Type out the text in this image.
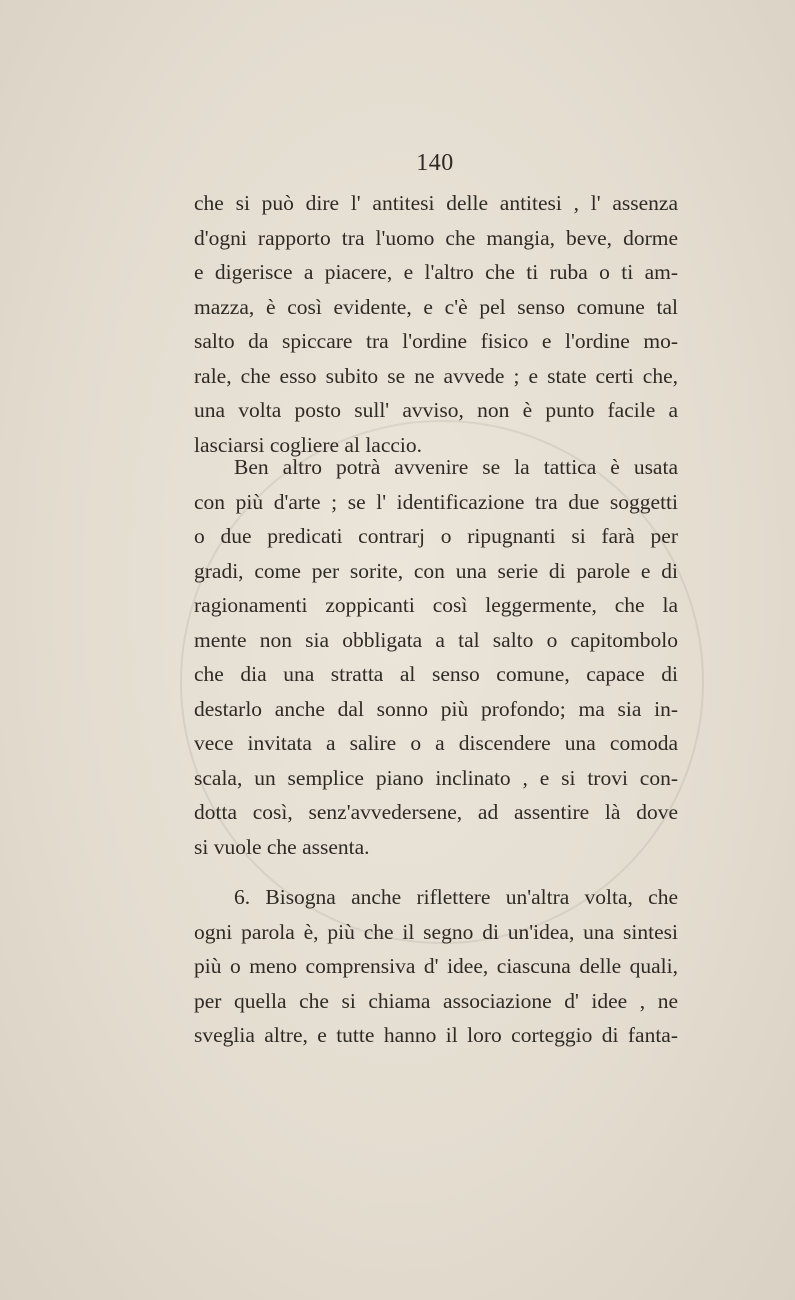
140
che si può dire l' antitesi delle antitesi , l' assenza
d'ogni rapporto tra l'uomo che mangia, beve, dorme
e digerisce a piacere, e l'altro che ti ruba o ti am-
mazza, è così evidente, e c'è pel senso comune tal
salto da spiccare tra l'ordine fisico e l'ordine mo-
rale, che esso subito se ne avvede ; e state certi che,
una volta posto sull' avviso, non è punto facile a
lasciarsi cogliere al laccio.
Ben altro potrà avvenire se la tattica è usata
con più d'arte ; se l' identificazione tra due soggetti
o due predicati contrarj o ripugnanti si farà per
gradi, come per sorite, con una serie di parole e di
ragionamenti zoppicanti così leggermente, che la
mente non sia obbligata a tal salto o capitombolo
che dia una stratta al senso comune, capace di
destarlo anche dal sonno più profondo; ma sia in-
vece invitata a salire o a discendere una comoda
scala, un semplice piano inclinato , e si trovi con-
dotta così, senz'avvedersene, ad assentire là dove
si vuole che assenta.
6. Bisogna anche riflettere un'altra volta, che
ogni parola è, più che il segno di un'idea, una sintesi
più o meno comprensiva d' idee, ciascuna delle quali,
per quella che si chiama associazione d' idee , ne
sveglia altre, e tutte hanno il loro corteggio di fanta-
